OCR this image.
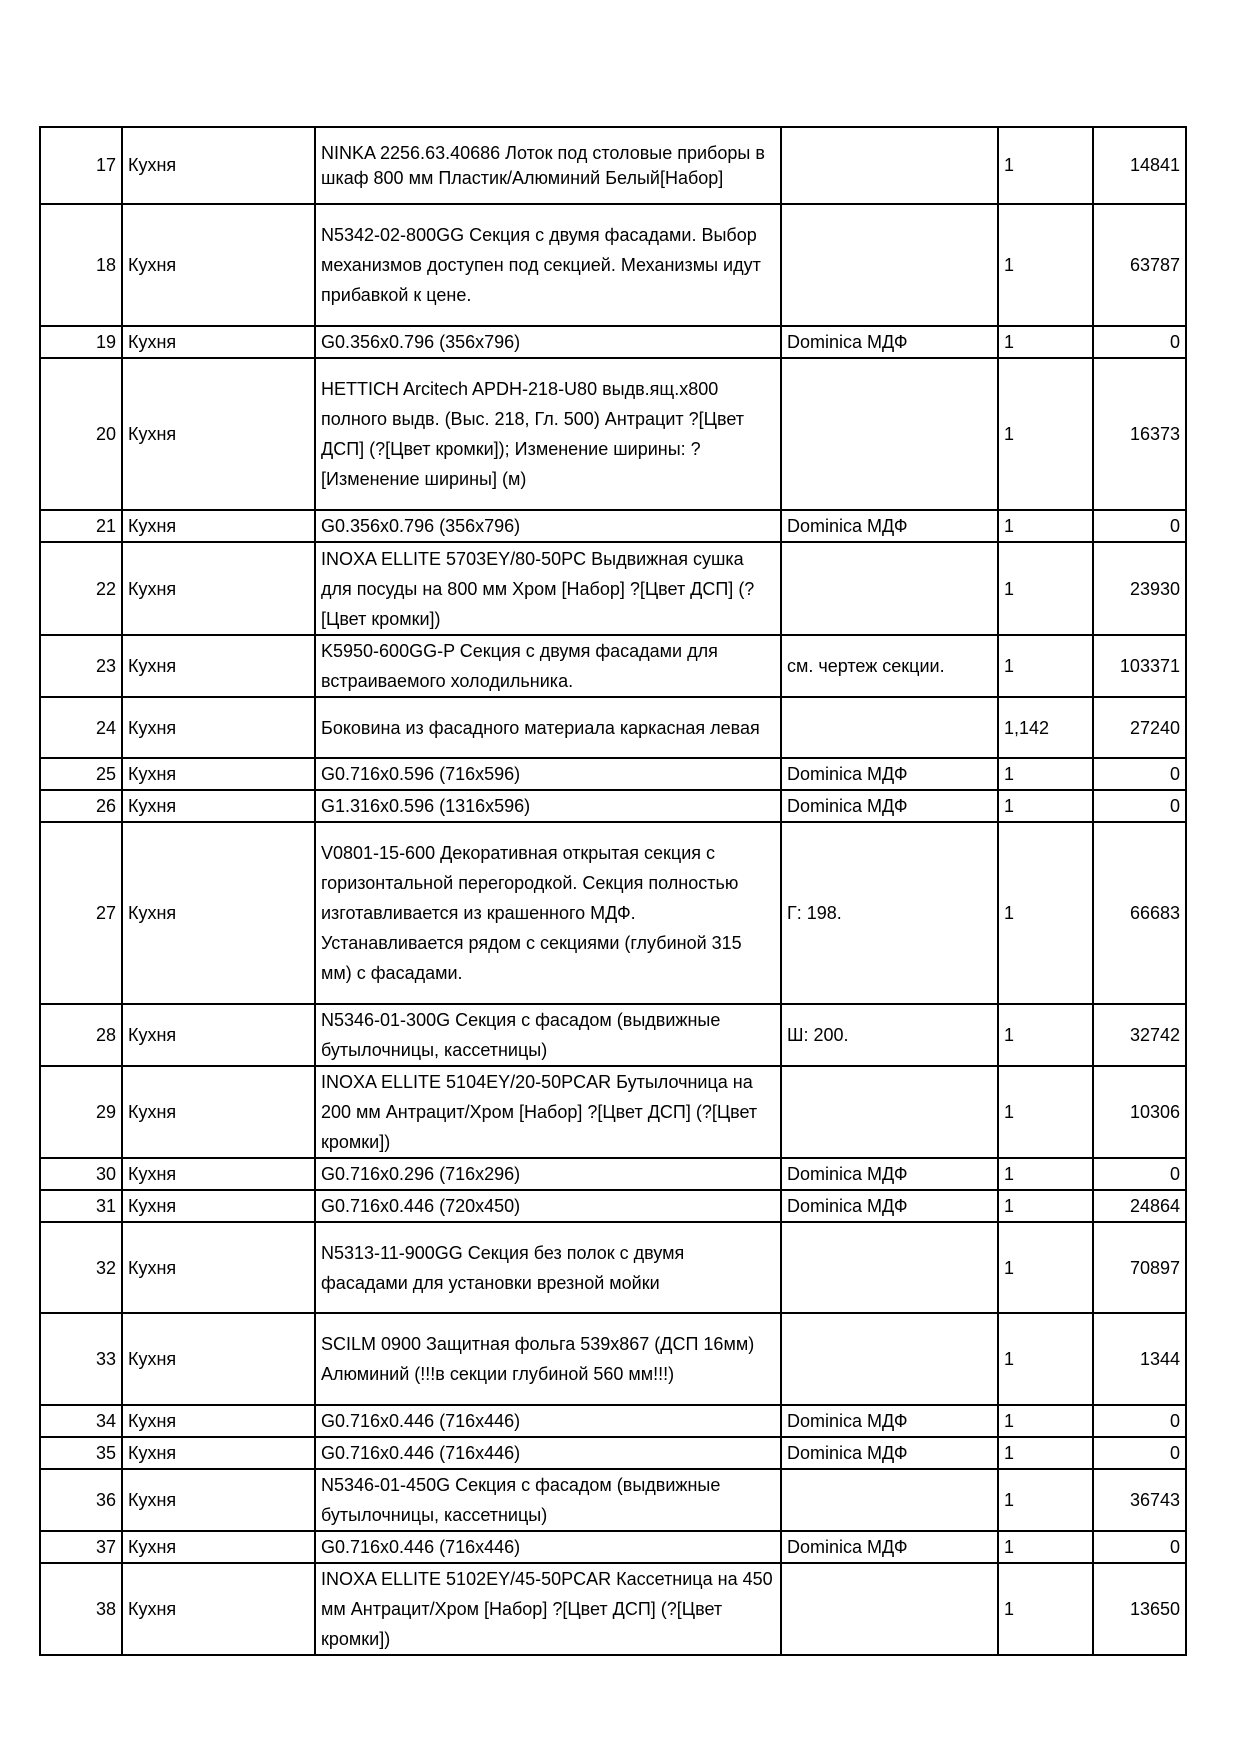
17	Кухня	NINKA 2256.63.40686 Лоток под столовые приборы в шкаф 800 мм Пластик/Алюминий Белый[Набор]		1	14841
18	Кухня	N5342-02-800GG Секция с двумя фасадами. Выбор механизмов доступен под секцией. Механизмы идут прибавкой к цене.		1	63787
19	Кухня	G0.356x0.796 (356x796)	Dominica МДФ	1	0
20	Кухня	HETTICH Arcitech APDH-218-U80 выдв.ящ.х800 полного выдв. (Выс. 218, Гл. 500) Антрацит ?[Цвет ДСП] (?[Цвет кромки]); Изменение ширины: ?[Изменение ширины] (м)		1	16373
21	Кухня	G0.356x0.796 (356x796)	Dominica МДФ	1	0
22	Кухня	INOXA ELLITE 5703EY/80-50PC Выдвижная сушка для посуды на 800 мм Хром [Набор] ?[Цвет ДСП] (?[Цвет кромки])		1	23930
23	Кухня	K5950-600GG-P Секция с двумя фасадами для встраиваемого холодильника.	см. чертеж секции.	1	103371
24	Кухня	Боковина из фасадного материала каркасная левая		1,142	27240
25	Кухня	G0.716x0.596 (716x596)	Dominica МДФ	1	0
26	Кухня	G1.316x0.596 (1316x596)	Dominica МДФ	1	0
27	Кухня	V0801-15-600 Декоративная открытая секция с горизонтальной перегородкой. Секция полностью изготавливается из крашенного МДФ. Устанавливается рядом с секциями (глубиной 315 мм) с фасадами.	Г: 198.	1	66683
28	Кухня	N5346-01-300G Секция с фасадом (выдвижные бутылочницы, кассетницы)	Ш: 200.	1	32742
29	Кухня	INOXA ELLITE 5104EY/20-50PCAR Бутылочница на 200 мм Антрацит/Хром [Набор] ?[Цвет ДСП] (?[Цвет кромки])		1	10306
30	Кухня	G0.716x0.296 (716x296)	Dominica МДФ	1	0
31	Кухня	G0.716x0.446 (720x450)	Dominica МДФ	1	24864
32	Кухня	N5313-11-900GG Секция без полок с двумя фасадами для установки врезной мойки		1	70897
33	Кухня	SCILM 0900 Защитная фольга 539x867 (ДСП 16мм) Алюминий (!!!в секции глубиной 560 мм!!!)		1	1344
34	Кухня	G0.716x0.446 (716x446)	Dominica МДФ	1	0
35	Кухня	G0.716x0.446 (716x446)	Dominica МДФ	1	0
36	Кухня	N5346-01-450G Секция с фасадом (выдвижные бутылочницы, кассетницы)		1	36743
37	Кухня	G0.716x0.446 (716x446)	Dominica МДФ	1	0
38	Кухня	INOXA ELLITE 5102EY/45-50PCAR Кассетница на 450 мм Антрацит/Хром [Набор] ?[Цвет ДСП] (?[Цвет кромки])		1	13650
